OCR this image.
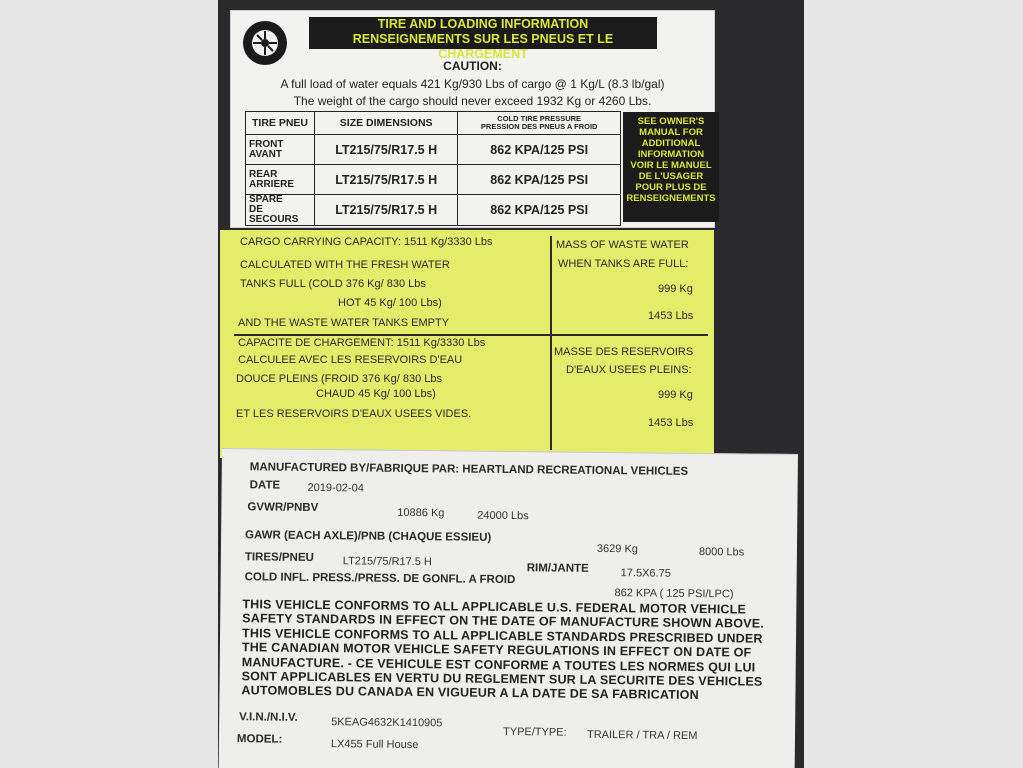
TIRE AND LOADING INFORMATION
RENSEIGNEMENTS SUR LES PNEUS ET LE CHARGEMENT
CAUTION:
A full load of water equals 421 Kg/930 Lbs of cargo @ 1 Kg/L (8.3 lb/gal)
The weight of the cargo should never exceed 1932 Kg or 4260 Lbs.
TIRE PNEU	SIZE DIMENSIONS	COLD TIRE PRESSURE
PRESSION DES PNEUS A FROID

FRONT
AVANT	LT215/75/R17.5 H	862 KPA/125 PSI

REAR
ARRIERE	LT215/75/R17.5 H	862 KPA/125 PSI

SPARE
DE SECOURS	LT215/75/R17.5 H	862 KPA/125 PSI
SEE OWNER'S
MANUAL FOR
ADDITIONAL
INFORMATION
VOIR LE MANUEL
DE L'USAGER
POUR PLUS DE
RENSEIGNEMENTS
CARGO CARRYING CAPACITY: 1511 Kg/3330 Lbs
CALCULATED WITH THE FRESH WATER
TANKS FULL (COLD 376 Kg/ 830 Lbs
HOT 45 Kg/ 100 Lbs)
AND THE WASTE WATER TANKS EMPTY
CAPACITE DE CHARGEMENT: 1511 Kg/3330 Lbs
CALCULEE AVEC LES RESERVOIRS D'EAU
DOUCE PLEINS (FROID 376 Kg/ 830 Lbs
CHAUD 45 Kg/ 100 Lbs)
ET LES RESERVOIRS D'EAUX USEES VIDES.
MASS OF WASTE WATER
WHEN TANKS ARE FULL:
999 Kg
1453 Lbs
MASSE DES RESERVOIRS
D'EAUX USEES PLEINS:
999 Kg
1453 Lbs
MANUFACTURED BY/FABRIQUE PAR: HEARTLAND RECREATIONAL VEHICLES
DATE 2019-02-04
GVWR/PNBV	10886 Kg	24000 Lbs
GAWR (EACH AXLE)/PNB (CHAQUE ESSIEU)
3629 Kg	8000 Lbs
TIRES/PNEU	LT215/75/R17.5 H
RIM/JANTE	17.5X6.75
COLD INFL. PRESS./PRESS. DE GONFL. A FROID
862 KPA ( 125 PSI/LPC)
THIS VEHICLE CONFORMS TO ALL APPLICABLE U.S. FEDERAL MOTOR VEHICLE
SAFETY STANDARDS IN EFFECT ON THE DATE OF MANUFACTURE SHOWN ABOVE.
THIS VEHICLE CONFORMS TO ALL APPLICABLE STANDARDS PRESCRIBED UNDER
THE CANADIAN MOTOR VEHICLE SAFETY REGULATIONS IN EFFECT ON DATE OF
MANUFACTURE. - CE VEHICULE EST CONFORME A TOUTES LES NORMES QUI LUI
SONT APPLICABLES EN VERTU DU REGLEMENT SUR LA SECURITE DES VEHICLES
AUTOMOBLES DU CANADA EN VIGUEUR A LA DATE DE SA FABRICATION
V.I.N./N.I.V.	5KEAG4632K1410905
TYPE/TYPE: TRAILER / TRA / REM
MODEL:	LX455 Full House
